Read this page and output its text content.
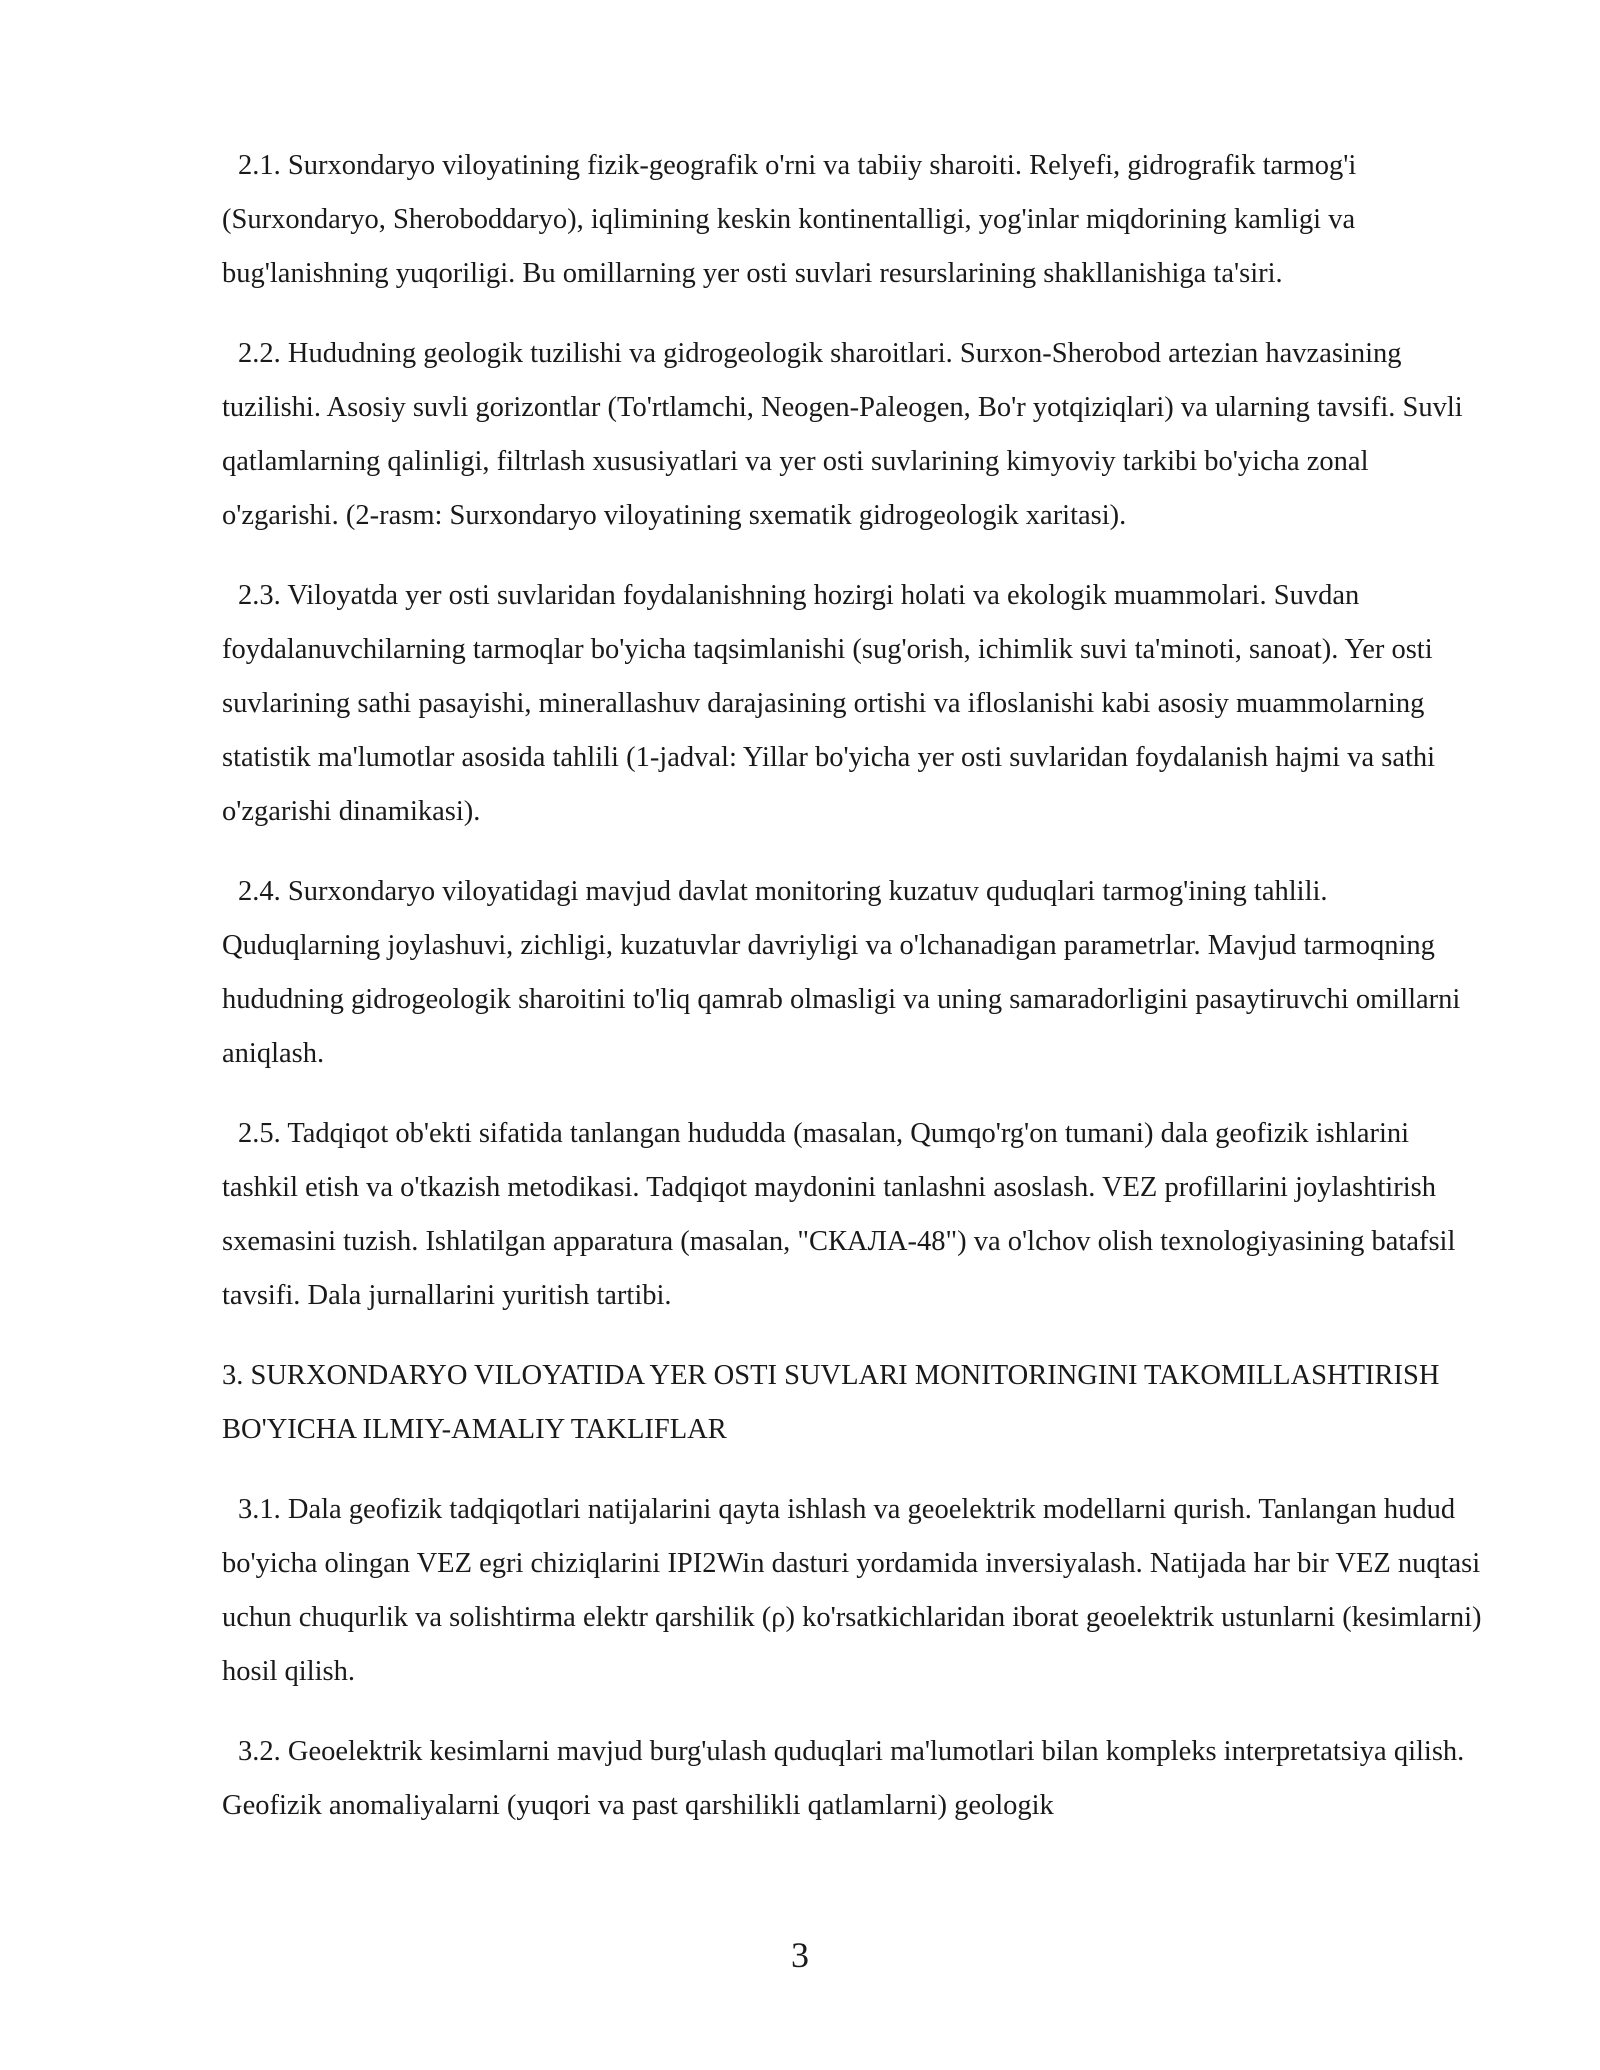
2.1. Surxondaryo viloyatining fizik-geografik o'rni va tabiiy sharoiti. Relyefi, gidrografik tarmog'i (Surxondaryo, Sheroboddaryo), iqlimining keskin kontinentalligi, yog'inlar miqdorining kamligi va bug'lanishning yuqoriligi. Bu omillarning yer osti suvlari resurslarining shakllanishiga ta'siri.

2.2. Hududning geologik tuzilishi va gidrogeologik sharoitlari. Surxon-Sherobod artezian havzasining tuzilishi. Asosiy suvli gorizontlar (To'rtlamchi, Neogen-Paleogen, Bo'r yotqiziqlari) va ularning tavsifi. Suvli qatlamlarning qalinligi, filtrlash xususiyatlari va yer osti suvlarining kimyoviy tarkibi bo'yicha zonal o'zgarishi. (2-rasm: Surxondaryo viloyatining sxematik gidrogeologik xaritasi).

2.3. Viloyatda yer osti suvlaridan foydalanishning hozirgi holati va ekologik muammolari. Suvdan foydalanuvchilarning tarmoqlar bo'yicha taqsimlanishi (sug'orish, ichimlik suvi ta'minoti, sanoat). Yer osti suvlarining sathi pasayishi, minerallashuv darajasining ortishi va ifloslanishi kabi asosiy muammolarning statistik ma'lumotlar asosida tahlili (1-jadval: Yillar bo'yicha yer osti suvlaridan foydalanish hajmi va sathi o'zgarishi dinamikasi).

2.4. Surxondaryo viloyatidagi mavjud davlat monitoring kuzatuv quduqlari tarmog'ining tahlili. Quduqlarning joylashuvi, zichligi, kuzatuvlar davriyligi va o'lchanadigan parametrlar. Mavjud tarmoqning hududning gidrogeologik sharoitini to'liq qamrab olmasligi va uning samaradorligini pasaytiruvchi omillarni aniqlash.

2.5. Tadqiqot ob'ekti sifatida tanlangan hududda (masalan, Qumqo'rg'on tumani) dala geofizik ishlarini tashkil etish va o'tkazish metodikasi. Tadqiqot maydonini tanlashni asoslash. VEZ profillarini joylashtirish sxemasini tuzish. Ishlatilgan apparatura (masalan, "СКАЛА-48") va o'lchov olish texnologiyasining batafsil tavsifi. Dala jurnallarini yuritish tartibi.

3. SURXONDARYO VILOYATIDA YER OSTI SUVLARI MONITORINGINI TAKOMILLASHTIRISH BO'YICHA ILMIY-AMALIY TAKLIFLAR

3.1. Dala geofizik tadqiqotlari natijalarini qayta ishlash va geoelektrik modellarni qurish. Tanlangan hudud bo'yicha olingan VEZ egri chiziqlarini IPI2Win dasturi yordamida inversiyalash. Natijada har bir VEZ nuqtasi uchun chuqurlik va solishtirma elektr qarshilik (ρ) ko'rsatkichlaridan iborat geoelektrik ustunlarni (kesimlarni) hosil qilish.

3.2. Geoelektrik kesimlarni mavjud burg'ulash quduqlari ma'lumotlari bilan kompleks interpretatsiya qilish. Geofizik anomaliyalarni (yuqori va past qarshilikli qatlamlarni) geologik

3
